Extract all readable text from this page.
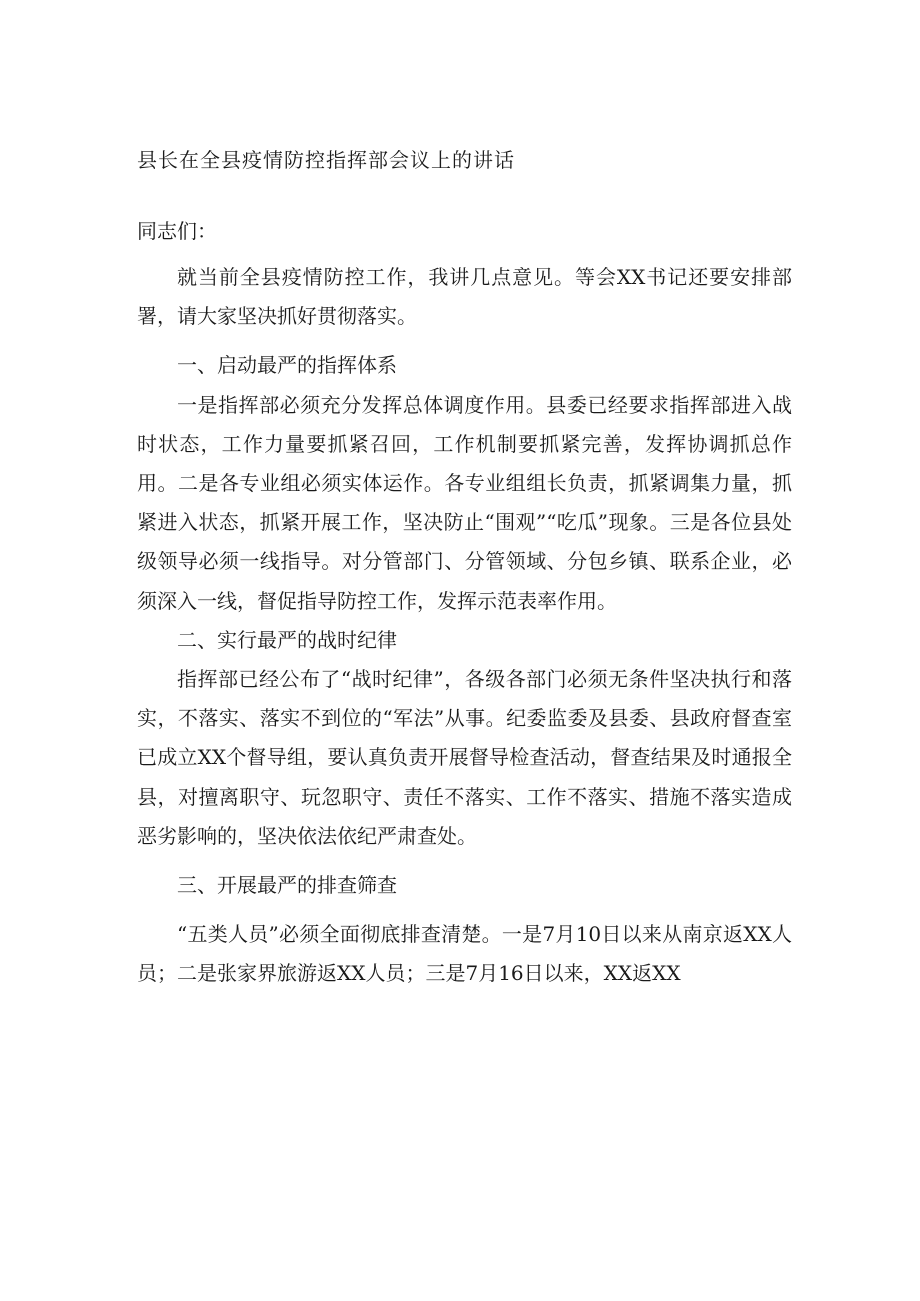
县长在全县疫情防控指挥部会议上的讲话
同志们：

就当前全县疫情防控工作，我讲几点意见。等会XX书记还要安排部署，请大家坚决抓好贯彻落实。

一、启动最严的指挥体系

一是指挥部必须充分发挥总体调度作用。县委已经要求指挥部进入战时状态，工作力量要抓紧召回，工作机制要抓紧完善，发挥协调抓总作用。二是各专业组必须实体运作。各专业组组长负责，抓紧调集力量，抓紧进入状态，抓紧开展工作，坚决防止“围观”“吃瓜”现象。三是各位县处级领导必须一线指导。对分管部门、分管领域、分包乡镇、联系企业，必须深入一线，督促指导防控工作，发挥示范表率作用。

二、实行最严的战时纪律

指挥部已经公布了“战时纪律”，各级各部门必须无条件坚决执行和落实，不落实、落实不到位的“军法”从事。纪委监委及县委、县政府督查室已成立XX个督导组，要认真负责开展督导检查活动，督查结果及时通报全县，对擅离职守、玩忽职守、责任不落实、工作不落实、措施不落实造成恶劣影响的，坚决依法依纪严肃查处。

三、开展最严的排查筛查

“五类人员”必须全面彻底排查清楚。一是7月10日以来从南京返XX人员；二是张家界旅游返XX人员；三是7月16日以来，XX返XX
